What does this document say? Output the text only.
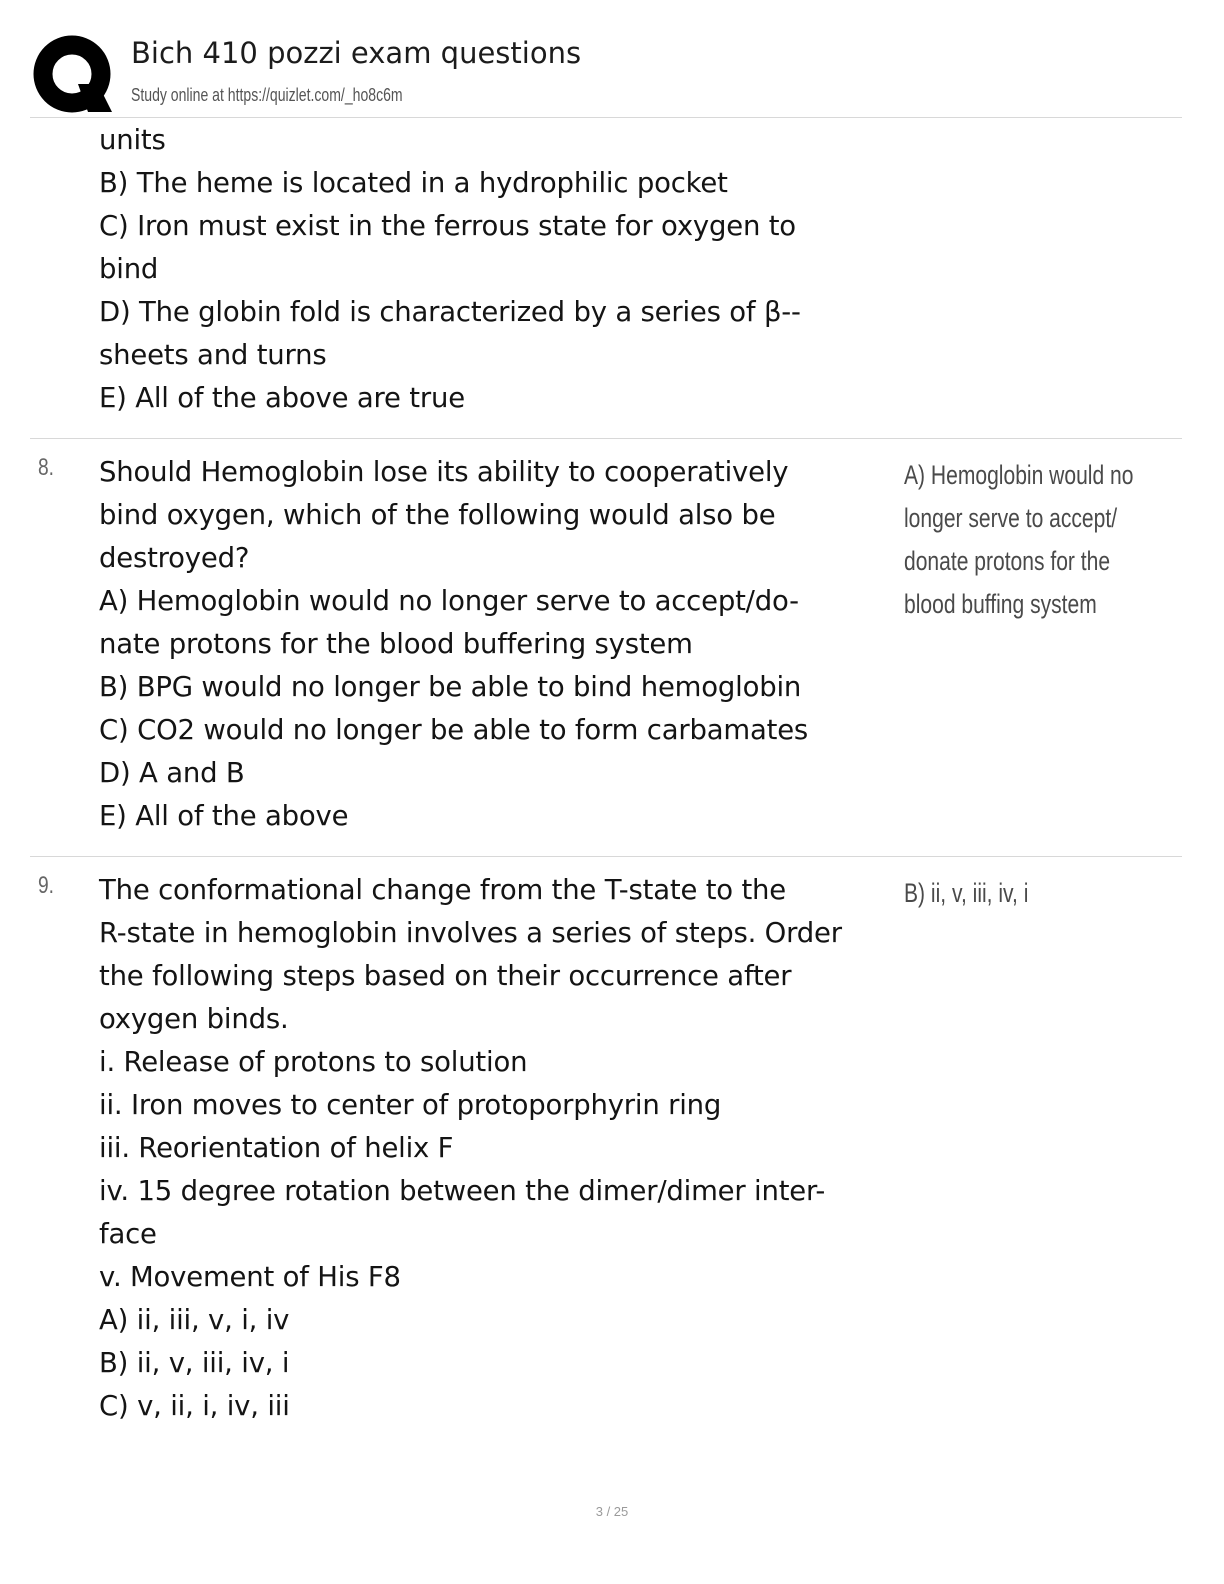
Bich 410 pozzi exam questions
Study online at https://quizlet.com/_ho8c6m
units
B) The heme is located in a hydrophilic pocket
C) Iron must exist in the ferrous state for oxygen to
bind
D) The globin fold is characterized by a series of β--
sheets and turns
E) All of the above are true
8. Should Hemoglobin lose its ability to cooperatively
bind oxygen, which of the following would also be
destroyed?
A) Hemoglobin would no longer serve to accept/do-
nate protons for the blood buffering system
B) BPG would no longer be able to bind hemoglobin
C) CO2 would no longer be able to form carbamates
D) A and B
E) All of the above
A) Hemoglobin would no
longer serve to accept/
donate protons for the
blood buffing system
9. The conformational change from the T-state to the
R-state in hemoglobin involves a series of steps. Order
the following steps based on their occurrence after
oxygen binds.
i. Release of protons to solution
ii. Iron moves to center of protoporphyrin ring
iii. Reorientation of helix F
iv. 15 degree rotation between the dimer/dimer inter-
face
v. Movement of His F8
A) ii, iii, v, i, iv
B) ii, v, iii, iv, i
C) v, ii, i, iv, iii
B) ii, v, iii, iv, i
3 / 25
